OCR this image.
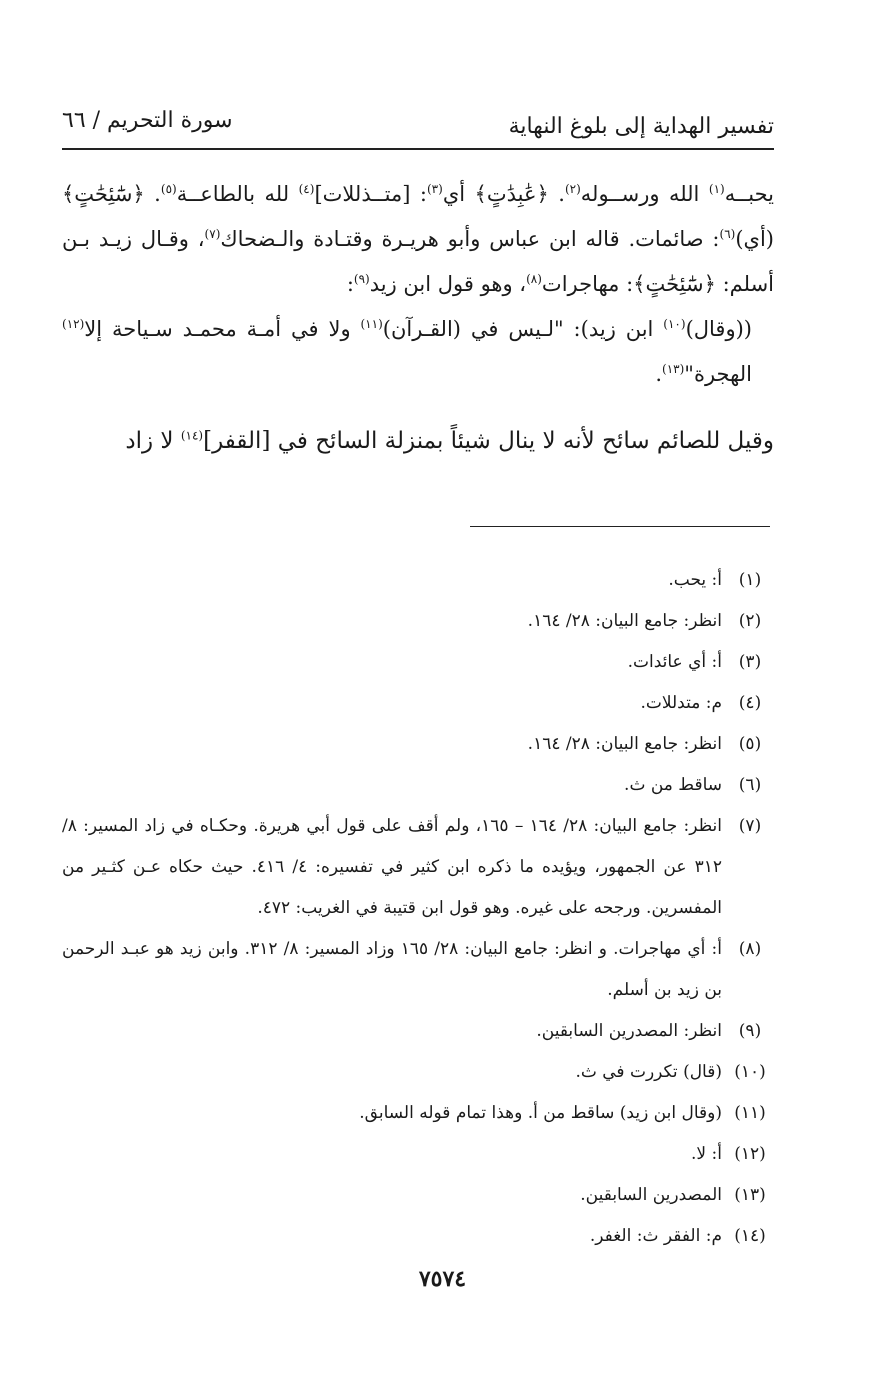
تفسير الهداية إلى بلوغ النهاية
سورة التحريم / ٦٦

يحبــه$^{(١)}$ الله ورســوله$^{(٢)}$. ﴿عَٰبِدَٰتٍ﴾ أي$^{(٣)}$: [متــذللات]$^{(٤)}$ لله بالطاعــة$^{(٥)}$. ﴿سَٰٓئِحَٰتٍ﴾ (أي)$^{(٦)}$: صائمات. قاله ابن عباس وأبو هريـرة وقتـادة والـضحاك$^{(٧)}$، وقـال زيـد بـن أسلم: ﴿سَٰٓئِحَٰتٍ﴾: مهاجرات$^{(٨)}$، وهو قول ابن زيد$^{(٩)}$:

((وقال)$^{(١٠)}$ ابن زيد): "لـيس في (القـرآن)$^{(١١)}$ ولا في أمـة محمـد سـياحة إلا$^{(١٢)}$ الهجرة"$^{(١٣)}$.

وقيل للصائم سائح لأنه لا ينال شيئاً بمنزلة السائح في [القفر]$^{(١٤)}$ لا زاد

(١)
أ: يحب.
(٢)
انظر: جامع البيان: ٢٨/ ١٦٤.
(٣)
أ: أي عائدات.
(٤)
م: متدللات.
(٥)
انظر: جامع البيان: ٢٨/ ١٦٤.
(٦)
ساقط من ث.
(٧)
انظر: جامع البيان: ٢٨/ ١٦٤ – ١٦٥، ولم أقف على قول أبي هريرة. وحكـاه في زاد المسير: ٨/ ٣١٢ عن الجمهور، ويؤيده ما ذكره ابن كثير في تفسيره: ٤/ ٤١٦. حيث حكاه عـن كثـير من المفسرين. ورجحه على غيره. وهو قول ابن قتيبة في الغريب: ٤٧٢.
(٨)
أ: أي مهاجرات. و انظر: جامع البيان: ٢٨/ ١٦٥ وزاد المسير: ٨/ ٣١٢. وابن زيد هو عبـد الرحمن بن زيد بن أسلم.
(٩)
انظر: المصدرين السابقين.
(١٠)
(قال) تكررت في ث.
(١١)
(وقال ابن زيد) ساقط من أ. وهذا تمام قوله السابق.
(١٢)
أ: لا.
(١٣)
المصدرين السابقين.
(١٤)
م: الفقر ث: الغفر.
٧٥٧٤
